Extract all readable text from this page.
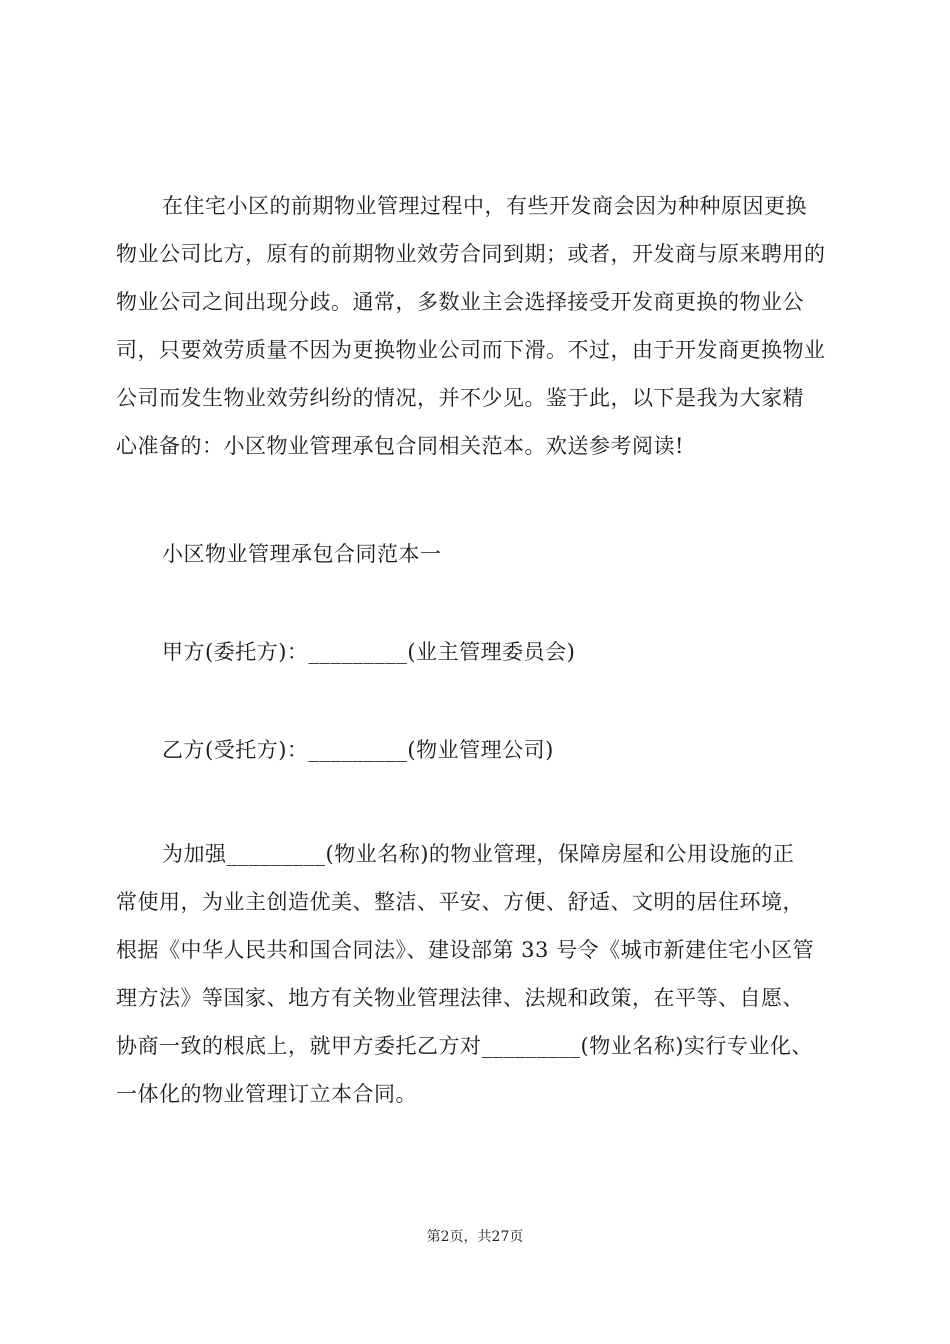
在住宅小区的前期物业管理过程中，有些开发商会因为种种原因更换
物业公司比方，原有的前期物业效劳合同到期；或者，开发商与原来聘用的
物业公司之间出现分歧。通常，多数业主会选择接受开发商更换的物业公
司，只要效劳质量不因为更换物业公司而下滑。不过，由于开发商更换物业
公司而发生物业效劳纠纷的情况，并不少见。鉴于此，以下是我为大家精
心准备的：小区物业管理承包合同相关范本。欢送参考阅读!
小区物业管理承包合同范本一
甲方(委托方)：_________(业主管理委员会)
乙方(受托方)：_________(物业管理公司)
为加强_________(物业名称)的物业管理，保障房屋和公用设施的正
常使用，为业主创造优美、整洁、平安、方便、舒适、文明的居住环境，
根据《中华人民共和国合同法》、建设部第 33 号令《城市新建住宅小区管
理方法》等国家、地方有关物业管理法律、法规和政策，在平等、自愿、
协商一致的根底上，就甲方委托乙方对_________(物业名称)实行专业化、
一体化的物业管理订立本合同。
第2页，共27页
